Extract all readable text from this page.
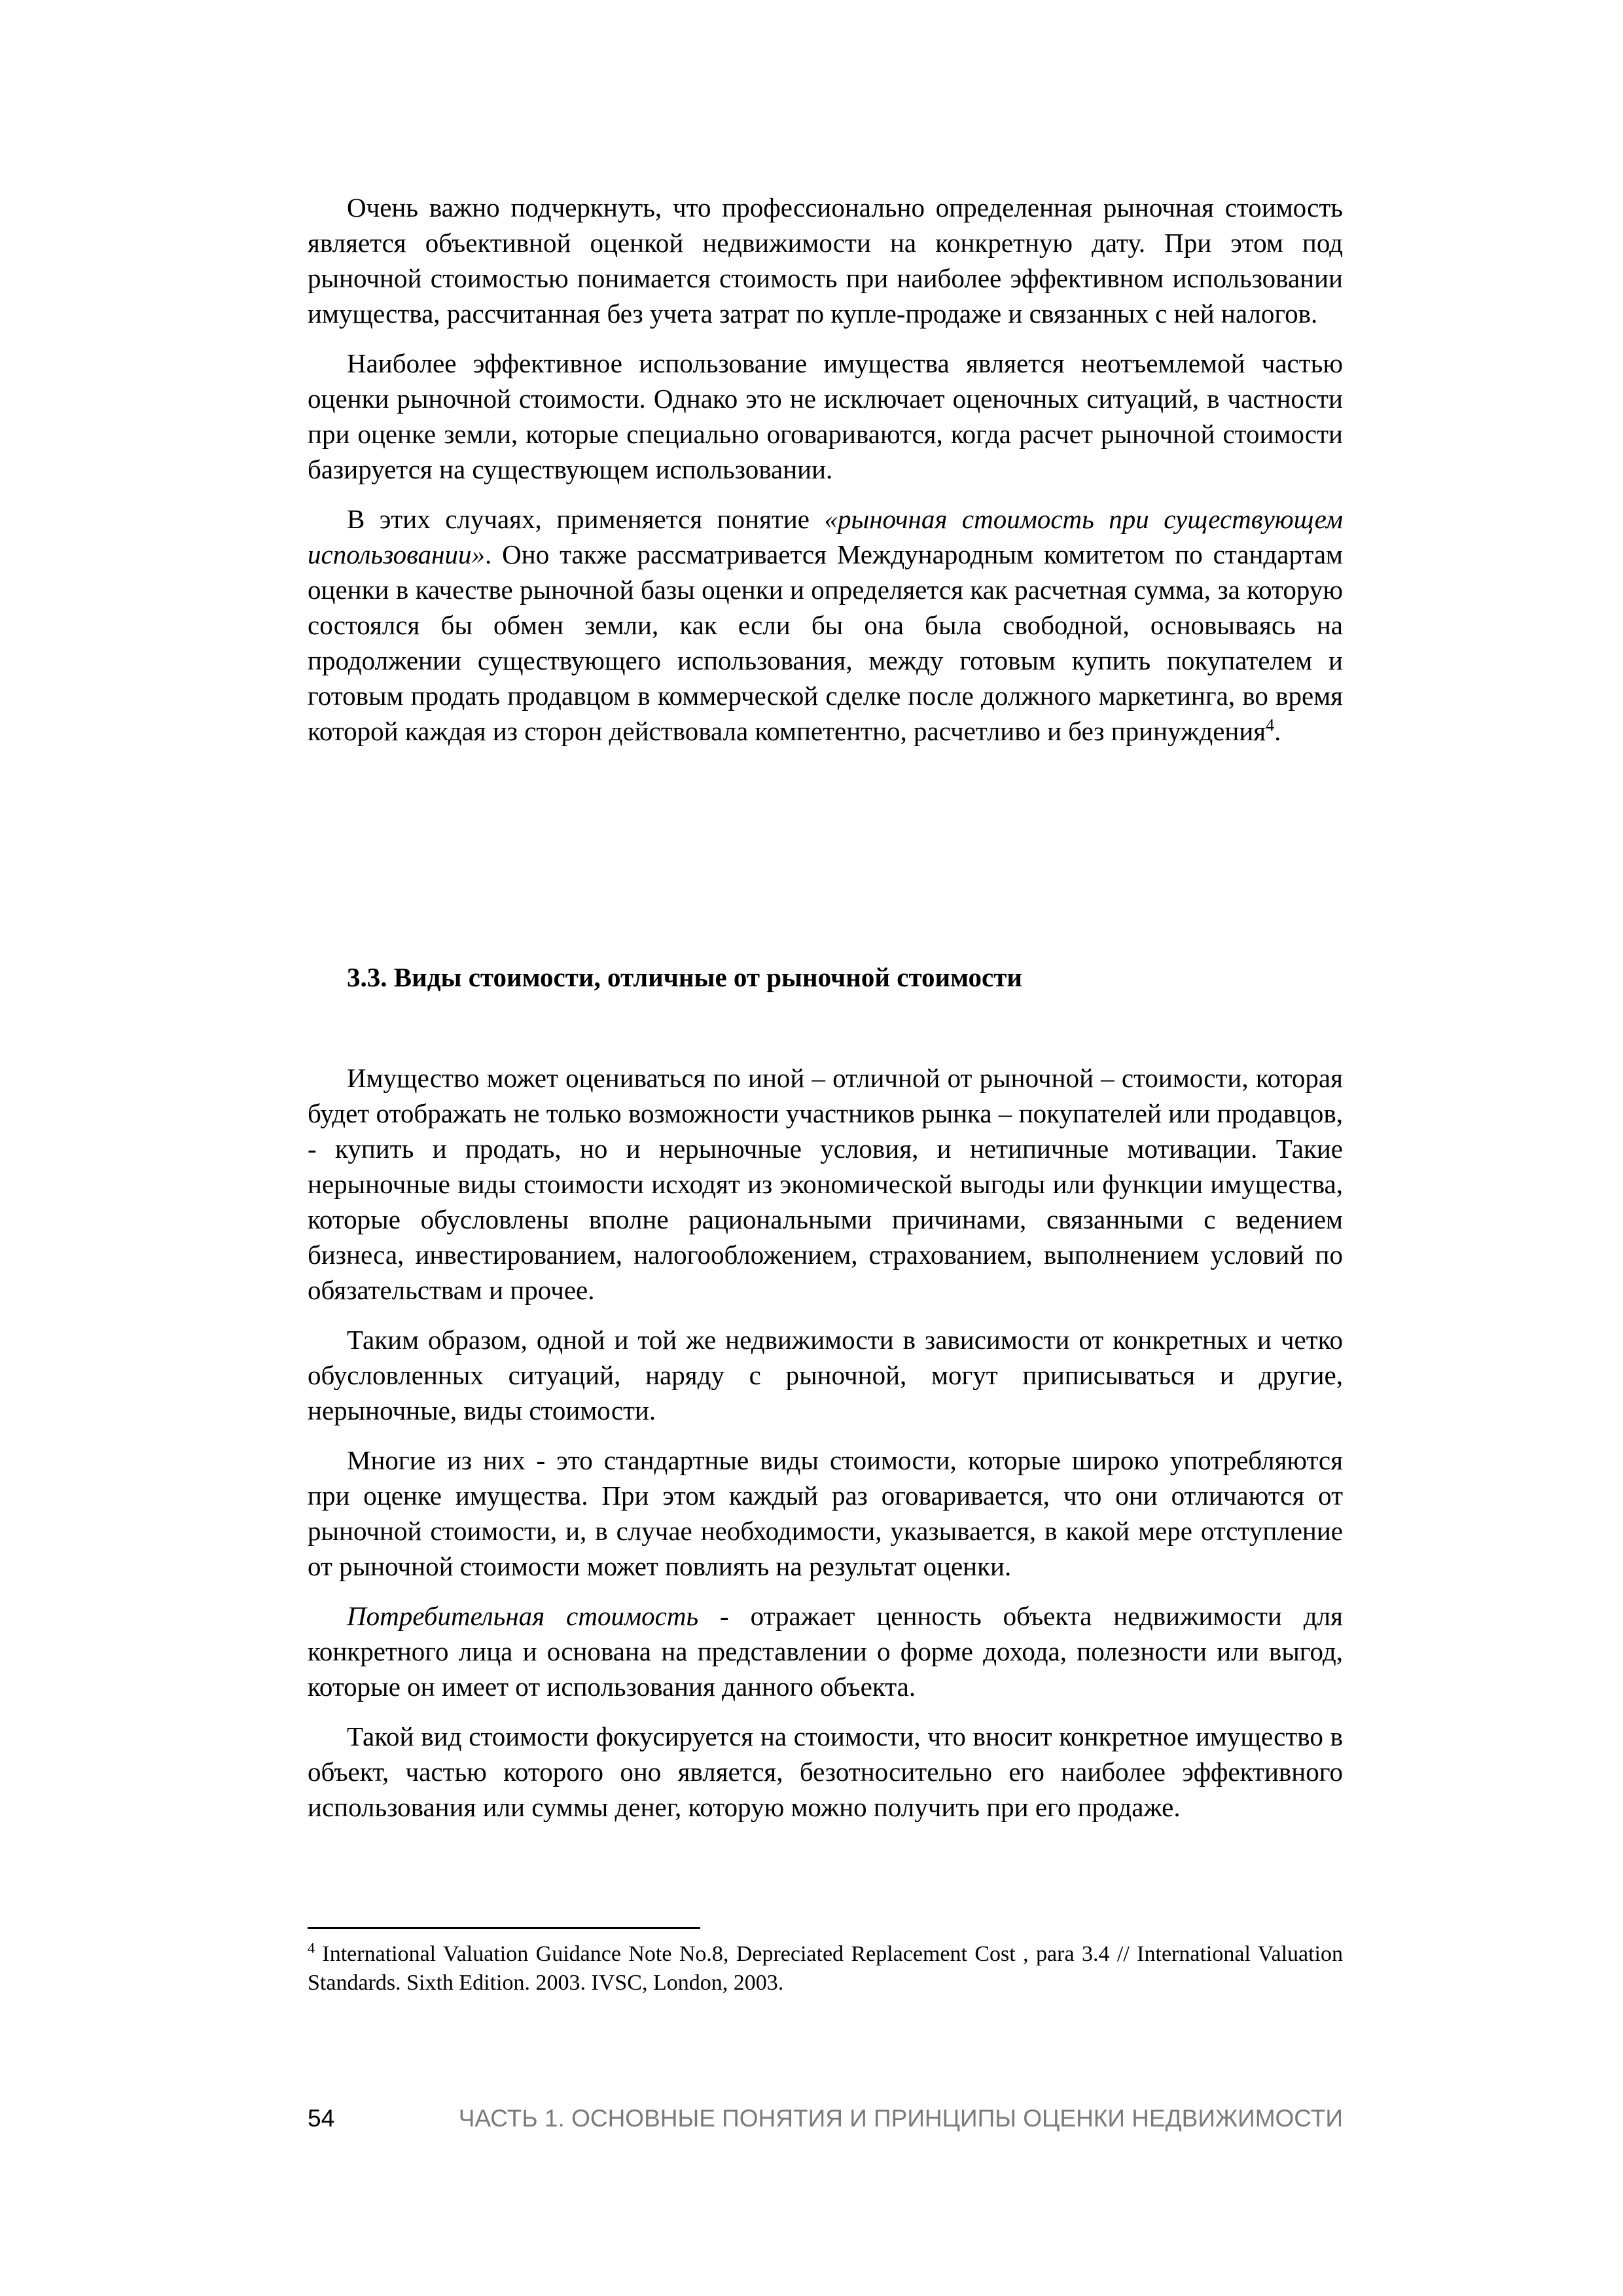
Очень важно подчеркнуть, что профессионально определенная рыночная стоимость является объективной оценкой недвижимости на конкретную дату. При этом под рыночной стоимостью понимается стоимость при наиболее эффективном использовании имущества, рассчитанная без учета затрат по купле-продаже и связанных с ней налогов.

Наиболее эффективное использование имущества является неотъемлемой частью оценки рыночной стоимости. Однако это не исключает оценочных ситуаций, в частности при оценке земли, которые специально оговариваются, когда расчет рыночной стоимости базируется на существующем использовании.

В этих случаях, применяется понятие «рыночная стоимость при существующем использовании». Оно также рассматривается Международным комитетом по стандартам оценки в качестве рыночной базы оценки и определяется как расчетная сумма, за которую состоялся бы обмен земли, как если бы она была свободной, основываясь на продолжении существующего использования, между готовым купить покупателем и готовым продать продавцом в коммерческой сделке после должного маркетинга, во время которой каждая из сторон действовала компетентно, расчетливо и без принуждения$^4$.

3.3. Виды стоимости, отличные от рыночной стоимости

Имущество может оцениваться по иной – отличной от рыночной – стоимости, которая будет отображать не только возможности участников рынка – покупателей или продавцов, - купить и продать, но и нерыночные условия, и нетипичные мотивации. Такие нерыночные виды стоимости исходят из экономической выгоды или функции имущества, которые обусловлены вполне рациональными причинами, связанными с ведением бизнеса, инвестированием, налогообложением, страхованием, выполнением условий по обязательствам и прочее.

Таким образом, одной и той же недвижимости в зависимости от конкретных и четко обусловленных ситуаций, наряду с рыночной, могут приписываться и другие, нерыночные, виды стоимости.

Многие из них - это стандартные виды стоимости, которые широко употребляются при оценке имущества. При этом каждый раз оговаривается, что они отличаются от рыночной стоимости, и, в случае необходимости, указывается, в какой мере отступление от рыночной стоимости может повлиять на результат оценки.

Потребительная стоимость - отражает ценность объекта недвижимости для конкретного лица и основана на представлении о форме дохода, полезности или выгод, которые он имеет от использования данного объекта.

Такой вид стоимости фокусируется на стоимости, что вносит конкретное имущество в объект, частью которого оно является, безотносительно его наиболее эффективного использования или суммы денег, которую можно получить при его продаже.

$^4$ International Valuation Guidance Note No.8, Depreciated Replacement Cost , para 3.4 // International Valuation Standards. Sixth Edition. 2003. IVSC, London, 2003.
54	ЧАСТЬ 1. ОСНОВНЫЕ ПОНЯТИЯ И ПРИНЦИПЫ ОЦЕНКИ НЕДВИЖИМОСТИ
